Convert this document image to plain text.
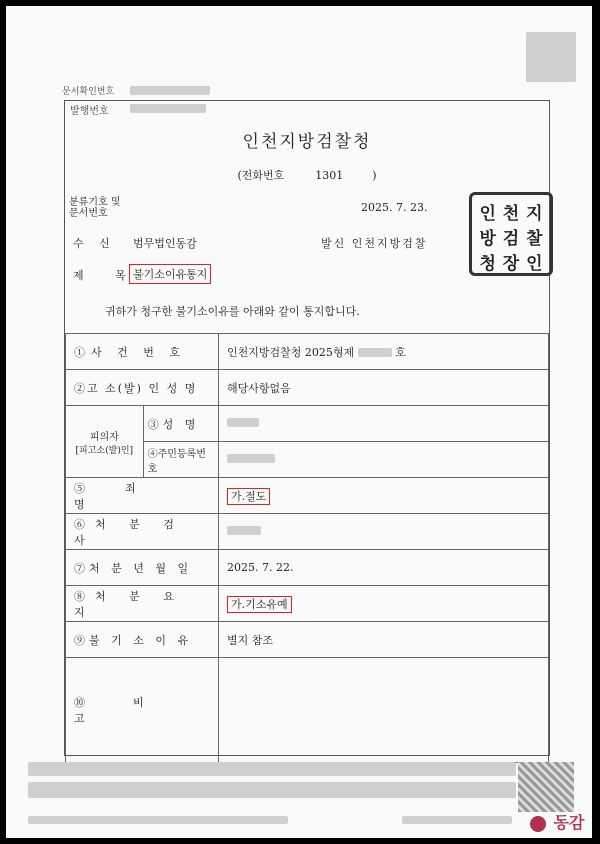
문서확인번호
발행번호
인천지방검찰청
(전화번호	1301	)
분류기호 및
문서번호	2025. 7. 23.
수 신 범무법인동감	발신 인천지방검찰
제 목
불기소이유통지
귀하가 청구한 불기소이유를 아래와 같이 통지합니다.
①사 건 번 호		인천지방검찰청 2025형제 호
②고 소(발) 인 성 명		해당사항없음

피의자
[피고소(발)인]	③성 명	
	④주민등록번호	
⑤죄 명		가.절도
⑥처 분 검 사		
⑦처 분 년 월 일		2025. 7. 22.
⑧처 분 요 지		가.기소유예
⑨불 기 소 이 유		별지 참조
⑩비 고		
인 천 지
방 검 찰
청 장 인
동감
